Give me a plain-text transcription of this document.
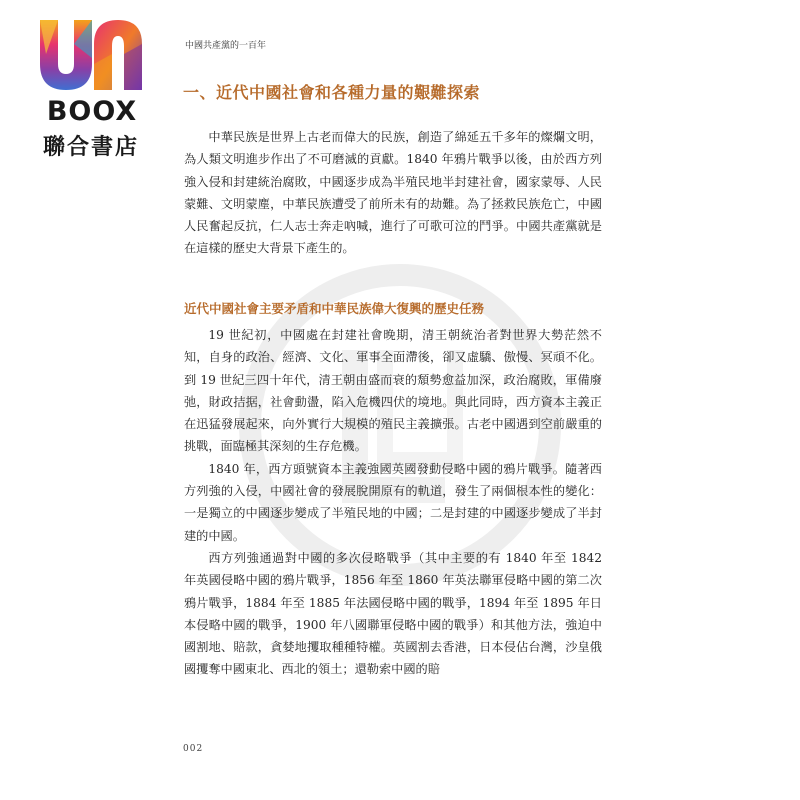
BOOX
聯合書店
中國共產黨的一百年
一、近代中國社會和各種力量的艱難探索

中華民族是世界上古老而偉大的民族，創造了綿延五千多年的燦爛文明，為人類文明進步作出了不可磨滅的貢獻。1840 年鴉片戰爭以後，由於西方列強入侵和封建統治腐敗，中國逐步成為半殖民地半封建社會，國家蒙辱、人民蒙難、文明蒙塵，中華民族遭受了前所未有的劫難。為了拯救民族危亡，中國人民奮起反抗，仁人志士奔走吶喊，進行了可歌可泣的鬥爭。中國共產黨就是在這樣的歷史大背景下產生的。

近代中國社會主要矛盾和中華民族偉大復興的歷史任務

19 世紀初，中國處在封建社會晚期，清王朝統治者對世界大勢茫然不知，自身的政治、經濟、文化、軍事全面滯後，卻又虛驕、傲慢、冥頑不化。到 19 世紀三四十年代，清王朝由盛而衰的頹勢愈益加深，政治腐敗，軍備廢弛，財政拮据，社會動盪，陷入危機四伏的境地。與此同時，西方資本主義正在迅猛發展起來，向外實行大規模的殖民主義擴張。古老中國遇到空前嚴重的挑戰，面臨極其深刻的生存危機。

1840 年，西方頭號資本主義強國英國發動侵略中國的鴉片戰爭。隨著西方列強的入侵，中國社會的發展脫開原有的軌道，發生了兩個根本性的變化：一是獨立的中國逐步變成了半殖民地的中國；二是封建的中國逐步變成了半封建的中國。

西方列強通過對中國的多次侵略戰爭（其中主要的有 1840 年至 1842 年英國侵略中國的鴉片戰爭，1856 年至 1860 年英法聯軍侵略中國的第二次鴉片戰爭，1884 年至 1885 年法國侵略中國的戰爭，1894 年至 1895 年日本侵略中國的戰爭，1900 年八國聯軍侵略中國的戰爭）和其他方法，強迫中國割地、賠款，貪婪地攫取種種特權。英國割去香港，日本侵佔台灣，沙皇俄國攫奪中國東北、西北的領土；還勒索中國的賠

002
